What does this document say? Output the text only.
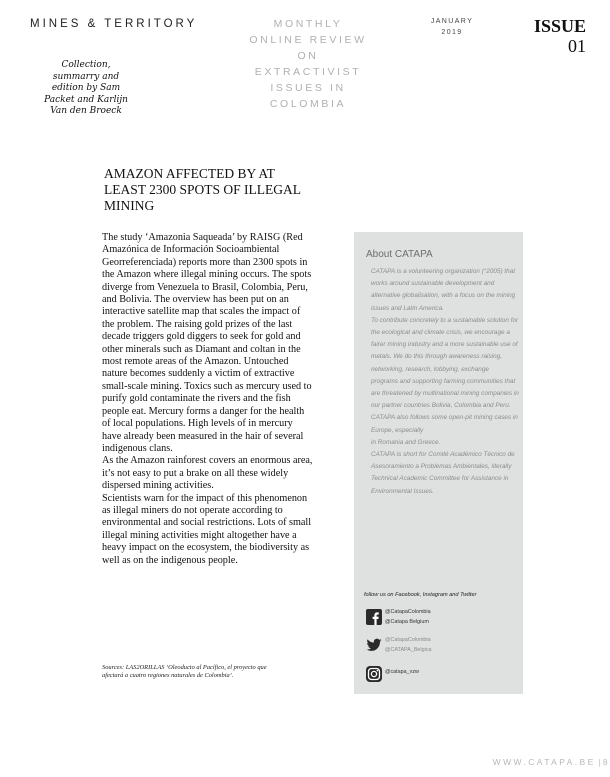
MINES & TERRITORY
Collection, summarry and edition by Sam Packet and Karlijn Van den Broeck
MONTHLY
ONLINE REVIEW
ON
EXTRACTIVIST
ISSUES IN
COLOMBIA
JANUARY
2019	ISSUE
01
AMAZON AFFECTED BY AT LEAST 2300 SPOTS OF ILLEGAL MINING

The study ‘Amazonia Saqueada’ by RAISG (Red Amazónica de Información Socioambiental Georreferenciada) reports more than 2300 spots in the Amazon where illegal mining occurs. The spots diverge from Venezuela to Brasil, Colombia, Peru, and Bolivia. The overview has been put on an interactive satellite map that scales the impact of the problem. The raising gold prizes of the last decade triggers gold diggers to seek for gold and other minerals such as Diamant and coltan in the most remote areas of the Amazon. Untouched nature becomes suddenly a victim of extractive small-scale mining. Toxics such as mercury used to purify gold contaminate the rivers and the fish people eat. Mercury forms a danger for the health of local populations. High levels of in mercury have already been measured in the hair of several indigenous clans.

As the Amazon rainforest covers an enormous area, it’s not easy to put a brake on all these widely dispersed mining activities.

Scientists warn for the impact of this phenomenon as illegal miners do not operate according to environmental and social restrictions. Lots of small illegal mining activities might altogether have a heavy impact on the ecosystem, the biodiversity as well as on the indigenous people.

Sources: LAS2ORILLAS ‘Oleoducto al Pacífico, el proyecto que afectará a cuatro regiones naturales de Colombia’.
About CATAPA

CATAPA is a volunteering organization (°2005) that works around sustainable development and alternative globalisation, with a focus on the mining issues and Latin America.

To contribute concretely to a sustainable solution for the ecological and climate crisis, we encourage a fairer mining industry and a more sustainable use of metals. We do this through awareness raising, networking, research, lobbying, exchange

programs and supporting farming communities that are threatened by multinational mining companies in our partner countries Bolivia, Colombia and Peru. CATAPA also follows some open-pit mining cases in Europe, especially

in Romania and Greece.

CATAPA is short for Comité Académico Técnico de Asesoramiento a Problemas Ambientales, literally Technical Academic Committee for Assistance in Environmental Issues.

follow us on Facebook, Instagram and Twitter
@CatapaColombia
@Catapa Belgium
@CatapaColombia
@CATAPA_Belgica
@catapa_vzw
WWW.CATAPA.BE | 8
